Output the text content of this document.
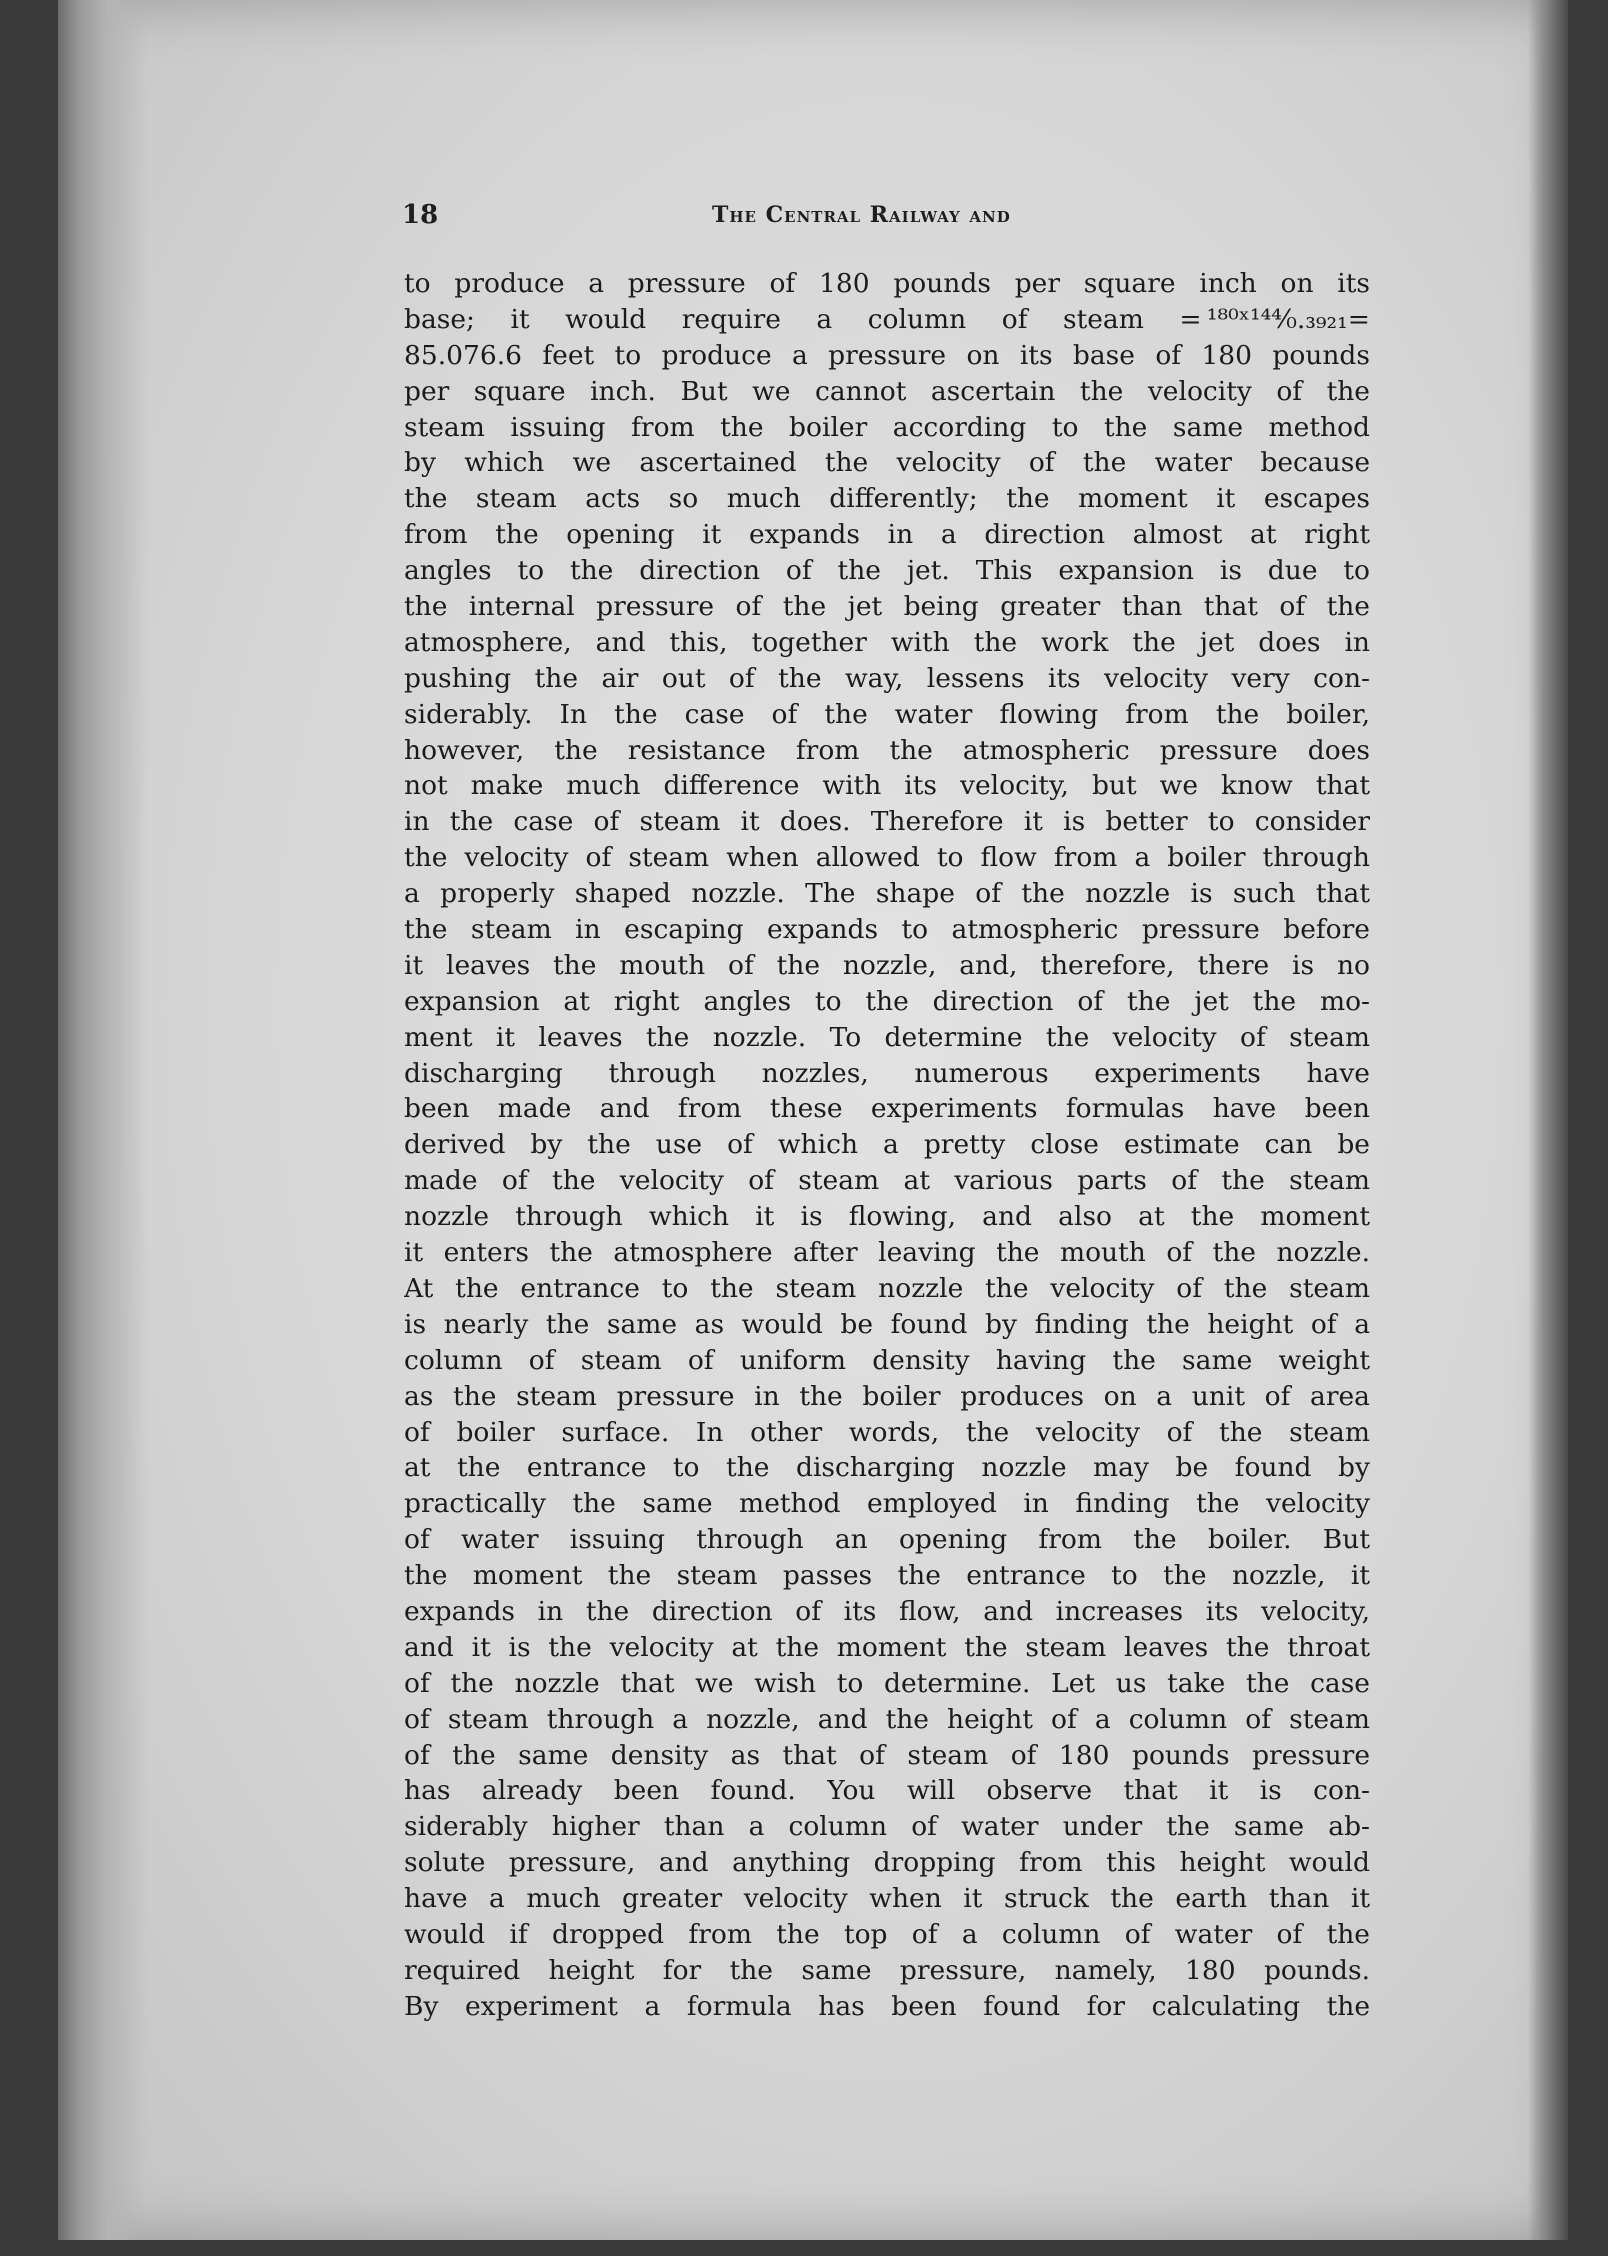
18	The Central Railway and
to produce a pressure of 180 pounds per square inch on its
base; it would require a column of steam = ¹⁸⁰ˣ¹⁴⁴⁄₀.₃₉₂₁=
85.076.6 feet to produce a pressure on its base of 180 pounds
per square inch. But we cannot ascertain the velocity of the
steam issuing from the boiler according to the same method
by which we ascertained the velocity of the water because
the steam acts so much differently; the moment it escapes
from the opening it expands in a direction almost at right
angles to the direction of the jet. This expansion is due to
the internal pressure of the jet being greater than that of the
atmosphere, and this, together with the work the jet does in
pushing the air out of the way, lessens its velocity very con-
siderably. In the case of the water flowing from the boiler,
however, the resistance from the atmospheric pressure does
not make much difference with its velocity, but we know that
in the case of steam it does. Therefore it is better to consider
the velocity of steam when allowed to flow from a boiler through
a properly shaped nozzle. The shape of the nozzle is such that
the steam in escaping expands to atmospheric pressure before
it leaves the mouth of the nozzle, and, therefore, there is no
expansion at right angles to the direction of the jet the mo-
ment it leaves the nozzle. To determine the velocity of steam
discharging through nozzles, numerous experiments have
been made and from these experiments formulas have been
derived by the use of which a pretty close estimate can be
made of the velocity of steam at various parts of the steam
nozzle through which it is flowing, and also at the moment
it enters the atmosphere after leaving the mouth of the nozzle.
At the entrance to the steam nozzle the velocity of the steam
is nearly the same as would be found by finding the height of a
column of steam of uniform density having the same weight
as the steam pressure in the boiler produces on a unit of area
of boiler surface. In other words, the velocity of the steam
at the entrance to the discharging nozzle may be found by
practically the same method employed in finding the velocity
of water issuing through an opening from the boiler. But
the moment the steam passes the entrance to the nozzle, it
expands in the direction of its flow, and increases its velocity,
and it is the velocity at the moment the steam leaves the throat
of the nozzle that we wish to determine. Let us take the case
of steam through a nozzle, and the height of a column of steam
of the same density as that of steam of 180 pounds pressure
has already been found. You will observe that it is con-
siderably higher than a column of water under the same ab-
solute pressure, and anything dropping from this height would
have a much greater velocity when it struck the earth than it
would if dropped from the top of a column of water of the
required height for the same pressure, namely, 180 pounds.
By experiment a formula has been found for calculating the
